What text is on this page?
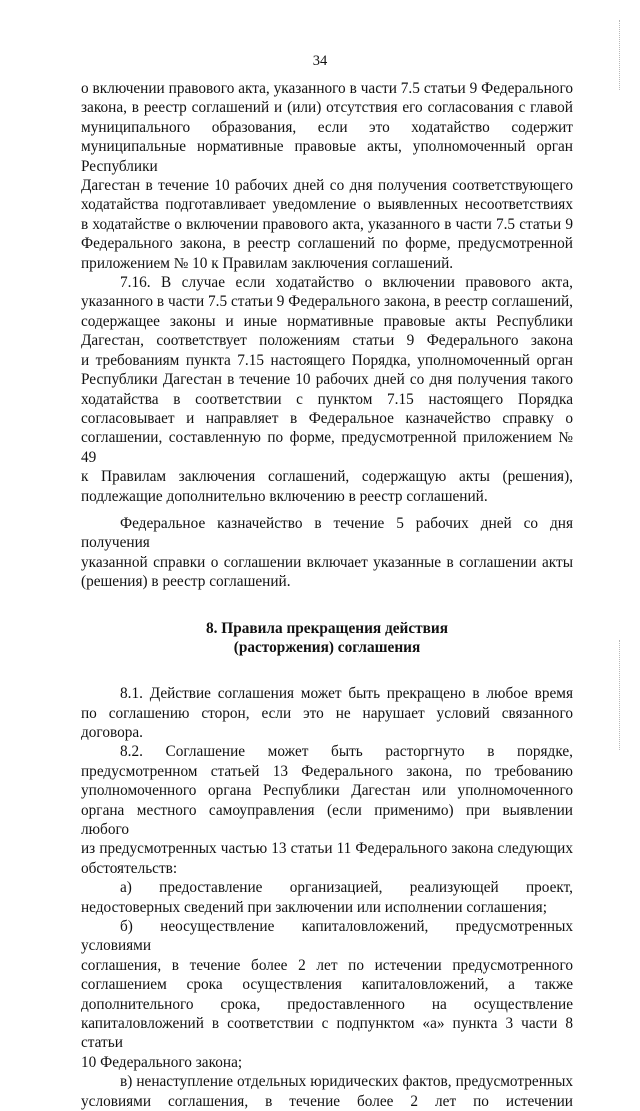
34

о включении правового акта, указанного в части 7.5 статьи 9 Федерального

закона, в реестр соглашений и (или) отсутствия его согласования с главой

муниципального образования, если это ходатайство содержит

муниципальные нормативные правовые акты, уполномоченный орган Республики

Дагестан в течение 10 рабочих дней со дня получения соответствующего

ходатайства подготавливает уведомление о выявленных несоответствиях

в ходатайстве о включении правового акта, указанного в части 7.5 статьи 9

Федерального закона, в реестр соглашений по форме, предусмотренной

приложением № 10 к Правилам заключения соглашений.

7.16. В случае если ходатайство о включении правового акта,

указанного в части 7.5 статьи 9 Федерального закона, в реестр соглашений,

содержащее законы и иные нормативные правовые акты Республики

Дагестан, соответствует положениям статьи 9 Федерального закона

и требованиям пункта 7.15 настоящего Порядка, уполномоченный орган

Республики Дагестан в течение 10 рабочих дней со дня получения такого

ходатайства в соответствии с пунктом 7.15 настоящего Порядка

согласовывает и направляет в Федеральное казначейство справку о

соглашении, составленную по форме, предусмотренной приложением № 49

к Правилам заключения соглашений, содержащую акты (решения),

подлежащие дополнительно включению в реестр соглашений.

Федеральное казначейство в течение 5 рабочих дней со дня получения

указанной справки о соглашении включает указанные в соглашении акты

(решения) в реестр соглашений.

8. Правила прекращения действия

(расторжения) соглашения

8.1. Действие соглашения может быть прекращено в любое время

по соглашению сторон, если это не нарушает условий связанного договора.

8.2. Соглашение может быть расторгнуто в порядке,

предусмотренном статьей 13 Федерального закона, по требованию

уполномоченного органа Республики Дагестан или уполномоченного

органа местного самоуправления (если применимо) при выявлении любого

из предусмотренных частью 13 статьи 11 Федерального закона следующих

обстоятельств:

а) предоставление организацией, реализующей проект,

недостоверных сведений при заключении или исполнении соглашения;

б) неосуществление капиталовложений, предусмотренных условиями

соглашения, в течение более 2 лет по истечении предусмотренного

соглашением срока осуществления капиталовложений, а также

дополнительного срока, предоставленного на осуществление

капиталовложений в соответствии с подпунктом «а» пункта 3 части 8 статьи

10 Федерального закона;

в) ненаступление отдельных юридических фактов, предусмотренных

условиями соглашения, в течение более 2 лет по истечении
